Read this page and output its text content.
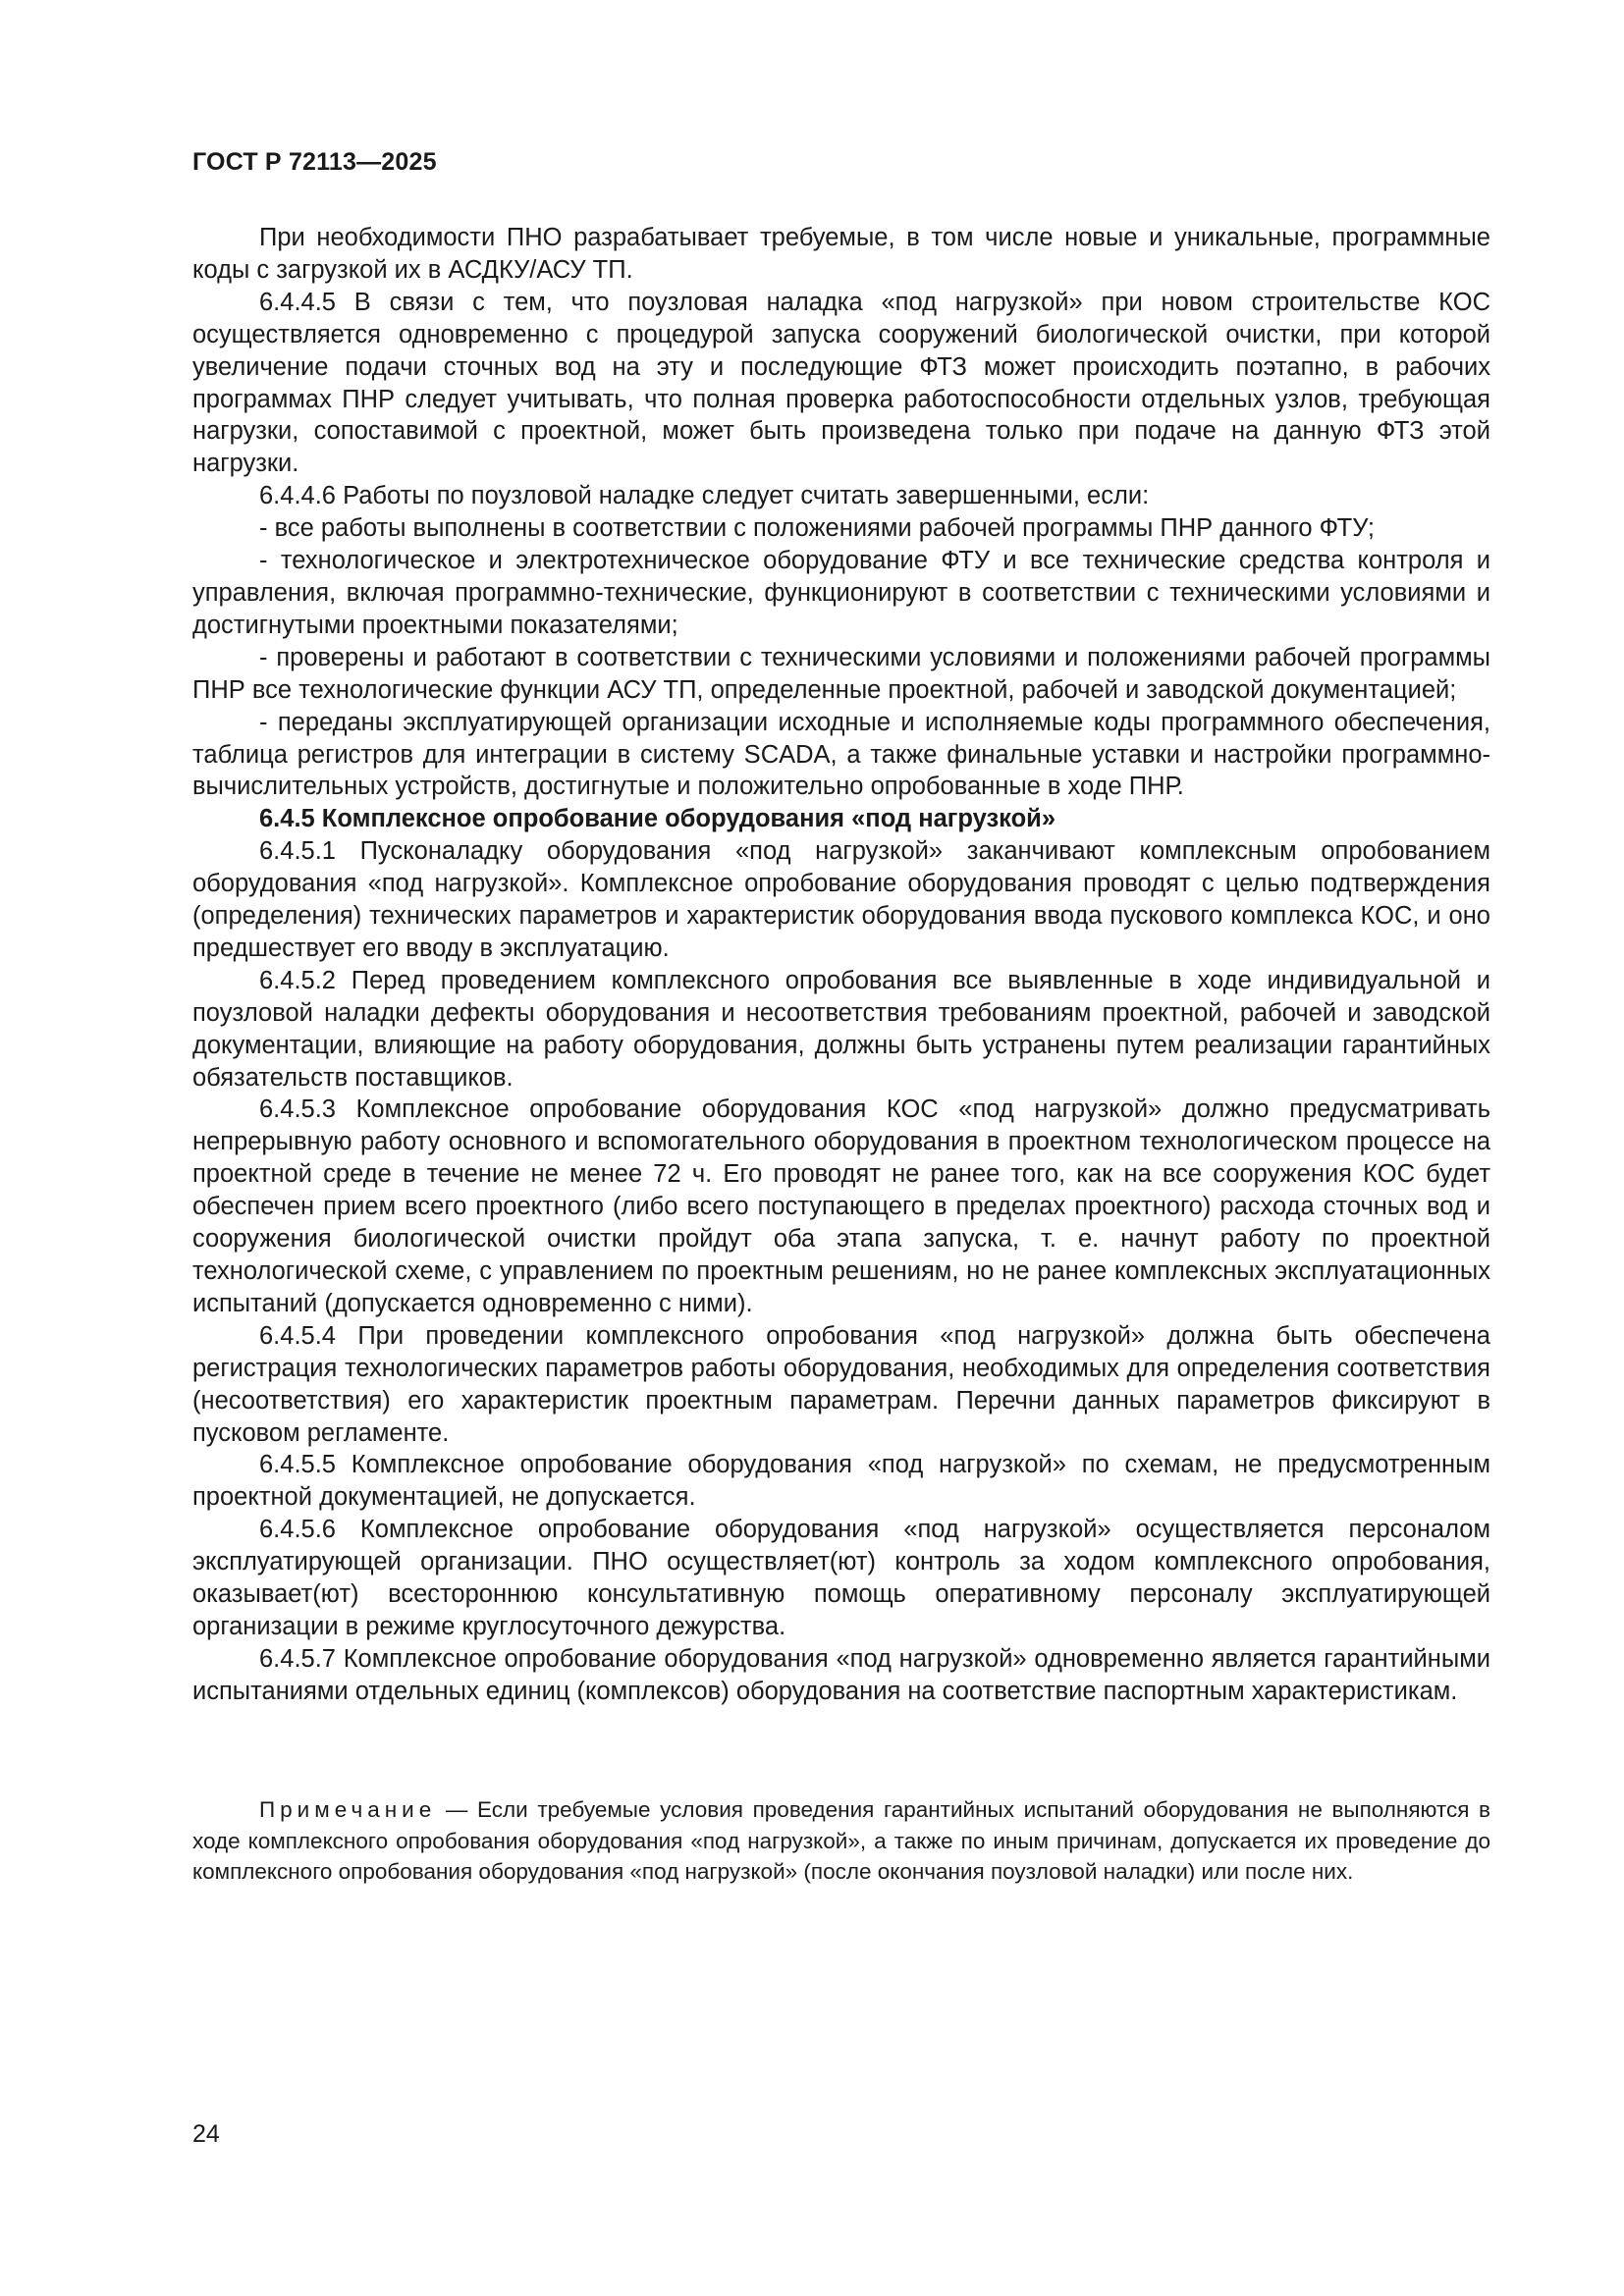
ГОСТ Р 72113—2025

При необходимости ПНО разрабатывает требуемые, в том числе новые и уникальные, программные коды с загрузкой их в АСДКУ/АСУ ТП.

6.4.4.5 В связи с тем, что поузловая наладка «под нагрузкой» при новом строительстве КОС осуществляется одновременно с процедурой запуска сооружений биологической очистки, при которой увеличение подачи сточных вод на эту и последующие ФТЗ может происходить поэтапно, в рабочих программах ПНР следует учитывать, что полная проверка работоспособности отдельных узлов, требующая нагрузки, сопоставимой с проектной, может быть произведена только при подаче на данную ФТЗ этой нагрузки.

6.4.4.6 Работы по поузловой наладке следует считать завершенными, если:

- все работы выполнены в соответствии с положениями рабочей программы ПНР данного ФТУ;

- технологическое и электротехническое оборудование ФТУ и все технические средства контроля и управления, включая программно-технические, функционируют в соответствии с техническими условиями и достигнутыми проектными показателями;

- проверены и работают в соответствии с техническими условиями и положениями рабочей программы ПНР все технологические функции АСУ ТП, определенные проектной, рабочей и заводской документацией;

- переданы эксплуатирующей организации исходные и исполняемые коды программного обеспечения, таблица регистров для интеграции в систему SCADA, а также финальные уставки и настройки программно-вычислительных устройств, достигнутые и положительно опробованные в ходе ПНР.

6.4.5 Комплексное опробование оборудования «под нагрузкой»

6.4.5.1 Пусконаладку оборудования «под нагрузкой» заканчивают комплексным опробованием оборудования «под нагрузкой». Комплексное опробование оборудования проводят с целью подтверждения (определения) технических параметров и характеристик оборудования ввода пускового комплекса КОС, и оно предшествует его вводу в эксплуатацию.

6.4.5.2 Перед проведением комплексного опробования все выявленные в ходе индивидуальной и поузловой наладки дефекты оборудования и несоответствия требованиям проектной, рабочей и заводской документации, влияющие на работу оборудования, должны быть устранены путем реализации гарантийных обязательств поставщиков.

6.4.5.3 Комплексное опробование оборудования КОС «под нагрузкой» должно предусматривать непрерывную работу основного и вспомогательного оборудования в проектном технологическом процессе на проектной среде в течение не менее 72 ч. Его проводят не ранее того, как на все сооружения КОС будет обеспечен прием всего проектного (либо всего поступающего в пределах проектного) расхода сточных вод и сооружения биологической очистки пройдут оба этапа запуска, т. е. начнут работу по проектной технологической схеме, с управлением по проектным решениям, но не ранее комплексных эксплуатационных испытаний (допускается одновременно с ними).

6.4.5.4 При проведении комплексного опробования «под нагрузкой» должна быть обеспечена регистрация технологических параметров работы оборудования, необходимых для определения соответствия (несоответствия) его характеристик проектным параметрам. Перечни данных параметров фиксируют в пусковом регламенте.

6.4.5.5 Комплексное опробование оборудования «под нагрузкой» по схемам, не предусмотренным проектной документацией, не допускается.

6.4.5.6 Комплексное опробование оборудования «под нагрузкой» осуществляется персоналом эксплуатирующей организации. ПНО осуществляет(ют) контроль за ходом комплексного опробования, оказывает(ют) всестороннюю консультативную помощь оперативному персоналу эксплуатирующей организации в режиме круглосуточного дежурства.

6.4.5.7 Комплексное опробование оборудования «под нагрузкой» одновременно является гарантийными испытаниями отдельных единиц (комплексов) оборудования на соответствие паспортным характеристикам.

Примечание — Если требуемые условия проведения гарантийных испытаний оборудования не выполняются в ходе комплексного опробования оборудования «под нагрузкой», а также по иным причинам, допускается их проведение до комплексного опробования оборудования «под нагрузкой» (после окончания поузловой наладки) или после них.

24
